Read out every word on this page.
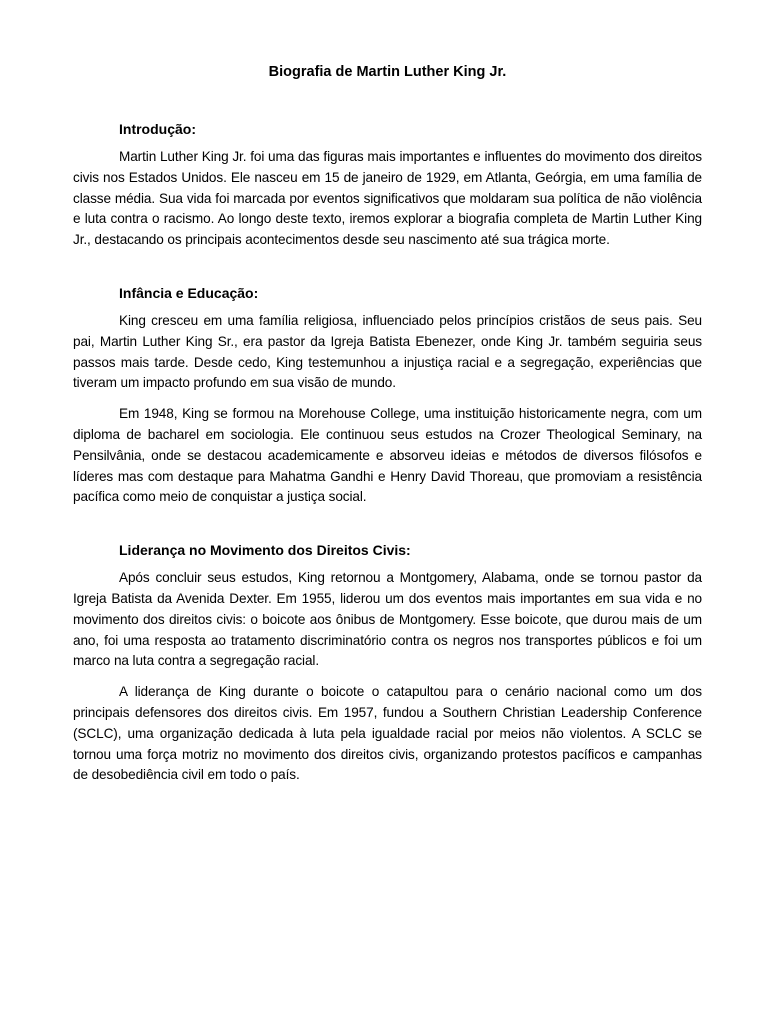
Biografia de Martin Luther King Jr.
Introdução:

Martin Luther King Jr. foi uma das figuras mais importantes e influentes do movimento dos direitos civis nos Estados Unidos. Ele nasceu em 15 de janeiro de 1929, em Atlanta, Geórgia, em uma família de classe média. Sua vida foi marcada por eventos significativos que moldaram sua política de não violência e luta contra o racismo. Ao longo deste texto, iremos explorar a biografia completa de Martin Luther King Jr., destacando os principais acontecimentos desde seu nascimento até sua trágica morte.

Infância e Educação:

King cresceu em uma família religiosa, influenciado pelos princípios cristãos de seus pais. Seu pai, Martin Luther King Sr., era pastor da Igreja Batista Ebenezer, onde King Jr. também seguiria seus passos mais tarde. Desde cedo, King testemunhou a injustiça racial e a segregação, experiências que tiveram um impacto profundo em sua visão de mundo.

Em 1948, King se formou na Morehouse College, uma instituição historicamente negra, com um diploma de bacharel em sociologia. Ele continuou seus estudos na Crozer Theological Seminary, na Pensilvânia, onde se destacou academicamente e absorveu ideias e métodos de diversos filósofos e líderes mas com destaque para Mahatma Gandhi e Henry David Thoreau, que promoviam a resistência pacífica como meio de conquistar a justiça social.

Liderança no Movimento dos Direitos Civis:

Após concluir seus estudos, King retornou a Montgomery, Alabama, onde se tornou pastor da Igreja Batista da Avenida Dexter. Em 1955, liderou um dos eventos mais importantes em sua vida e no movimento dos direitos civis: o boicote aos ônibus de Montgomery. Esse boicote, que durou mais de um ano, foi uma resposta ao tratamento discriminatório contra os negros nos transportes públicos e foi um marco na luta contra a segregação racial.

A liderança de King durante o boicote o catapultou para o cenário nacional como um dos principais defensores dos direitos civis. Em 1957, fundou a Southern Christian Leadership Conference (SCLC), uma organização dedicada à luta pela igualdade racial por meios não violentos. A SCLC se tornou uma força motriz no movimento dos direitos civis, organizando protestos pacíficos e campanhas de desobediência civil em todo o país.
